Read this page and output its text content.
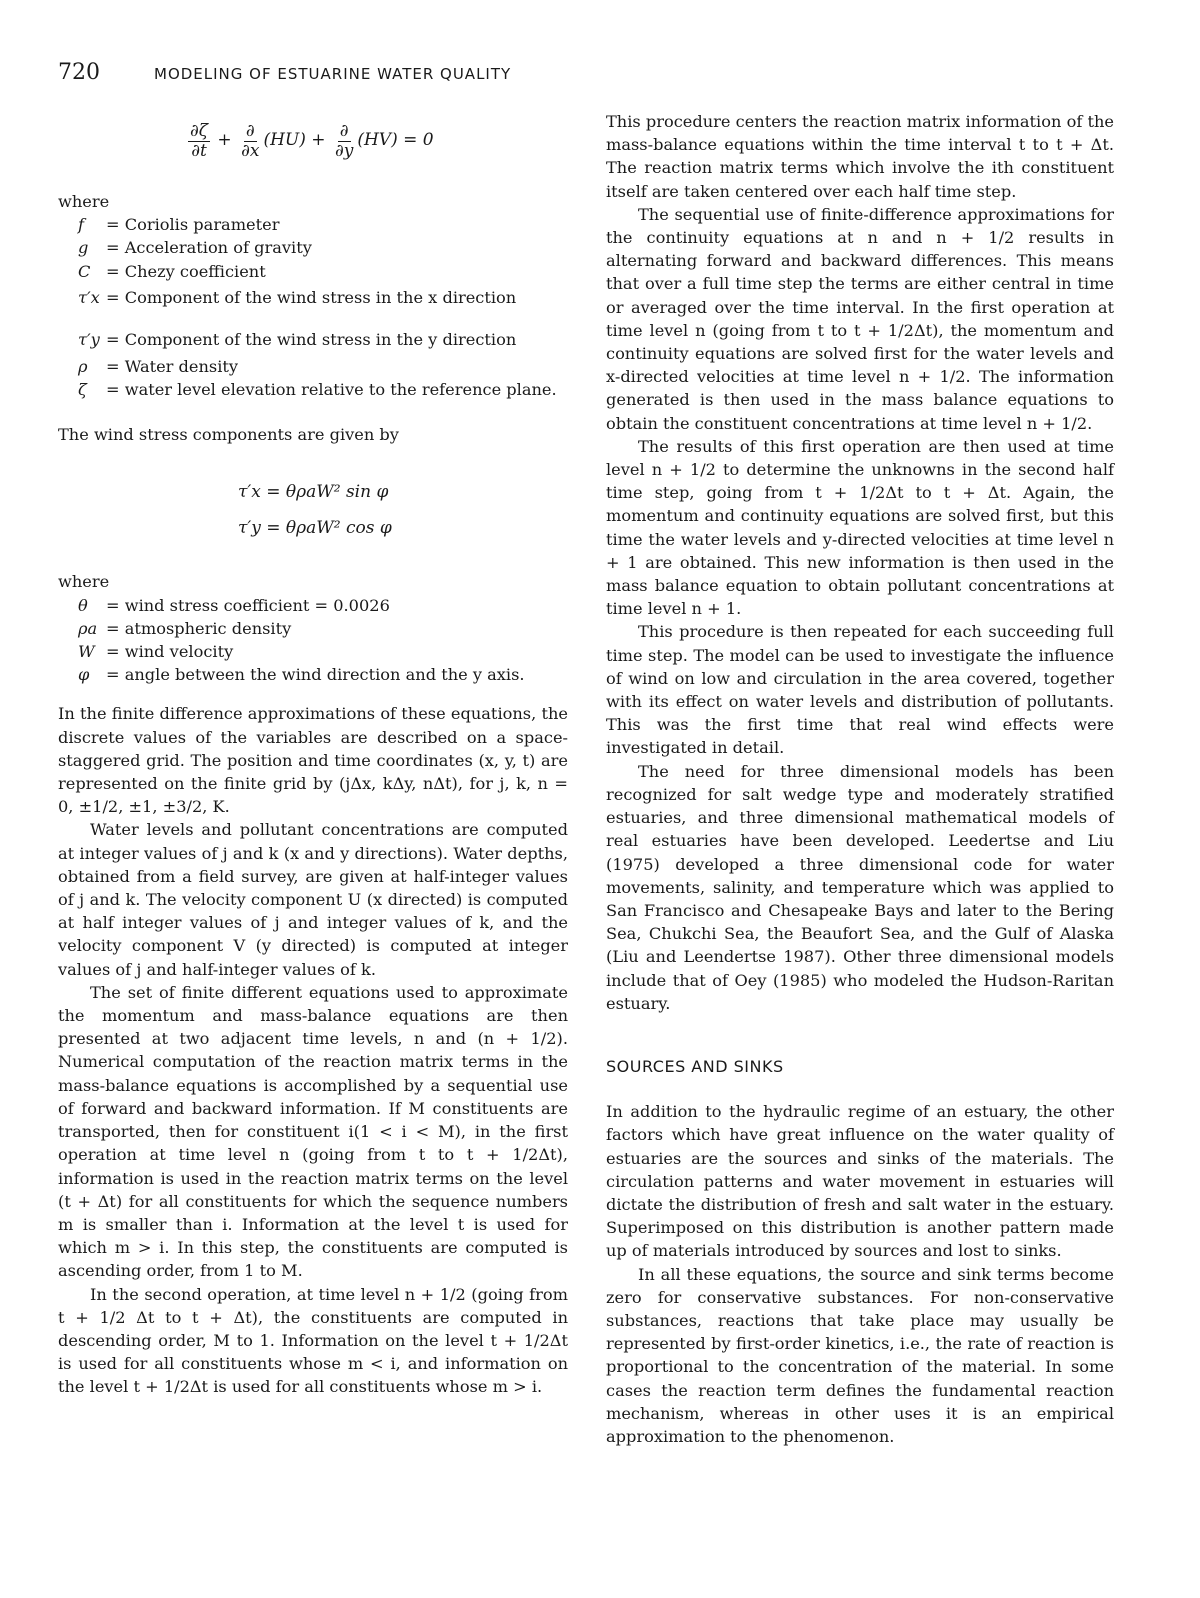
720	MODELING OF ESTUARINE WATER QUALITY
$\frac{\partial\zeta}{\partial t} + \frac{\partial}{\partial x} (HU) + \frac{\partial}{\partial y} (HV) = 0$
where
f	= Coriolis parameter
g	= Acceleration of gravity
C = Chezy coefficient
τ′x = Component of the wind stress in the x direction
τ′y = Component of the wind stress in the y direction
ρ	= Water density
ζ	= water level elevation relative to the reference plane.

The wind stress components are given by

τ′x = θρaW² sin φ
τ′y = θρaW² cos φ
where
θ	= wind stress coefficient = 0.0026
ρa = atmospheric density
W = wind velocity
φ	= angle between the wind direction and the y axis.

In the finite difference approximations of these equations, the discrete values of the variables are described on a space-staggered grid. The position and time coordinates (x, y, t) are represented on the finite grid by (jΔx, kΔy, nΔt), for j, k, n = 0, ±1/2, ±1, ±3/2, K.

Water levels and pollutant concentrations are computed at integer values of j and k (x and y directions). Water depths, obtained from a field survey, are given at half-integer values of j and k. The velocity component U (x directed) is computed at half integer values of j and integer values of k, and the velocity component V (y directed) is computed at integer values of j and half-integer values of k.

The set of finite different equations used to approximate the momentum and mass-balance equations are then presented at two adjacent time levels, n and (n + 1/2). Numerical computation of the reaction matrix terms in the mass-balance equations is accomplished by a sequential use of forward and backward information. If M constituents are transported, then for constituent i(1 < i < M), in the first operation at time level n (going from t to t + 1/2Δt), information is used in the reaction matrix terms on the level (t + Δt) for all constituents for which the sequence numbers m is smaller than i. Information at the level t is used for which m > i. In this step, the constituents are computed is ascending order, from 1 to M.

In the second operation, at time level n + 1/2 (going from t + 1/2 Δt to t + Δt), the constituents are computed in descending order, M to 1. Information on the level t + 1/2Δt is used for all constituents whose m < i, and information on the level t + 1/2Δt is used for all constituents whose m > i.

This procedure centers the reaction matrix information of the mass-balance equations within the time interval t to t + Δt. The reaction matrix terms which involve the ith constituent itself are taken centered over each half time step.

The sequential use of finite-difference approximations for the continuity equations at n and n + 1/2 results in alternating forward and backward differences. This means that over a full time step the terms are either central in time or averaged over the time interval. In the first operation at time level n (going from t to t + 1/2Δt), the momentum and continuity equations are solved first for the water levels and x-directed velocities at time level n + 1/2. The information generated is then used in the mass balance equations to obtain the constituent concentrations at time level n + 1/2.

The results of this first operation are then used at time level n + 1/2 to determine the unknowns in the second half time step, going from t + 1/2Δt to t + Δt. Again, the momentum and continuity equations are solved first, but this time the water levels and y-directed velocities at time level n + 1 are obtained. This new information is then used in the mass balance equation to obtain pollutant concentrations at time level n + 1.

This procedure is then repeated for each succeeding full time step. The model can be used to investigate the influence of wind on low and circulation in the area covered, together with its effect on water levels and distribution of pollutants. This was the first time that real wind effects were investigated in detail.

The need for three dimensional models has been recognized for salt wedge type and moderately stratified estuaries, and three dimensional mathematical models of real estuaries have been developed. Leedertse and Liu (1975) developed a three dimensional code for water movements, salinity, and temperature which was applied to San Francisco and Chesapeake Bays and later to the Bering Sea, Chukchi Sea, the Beaufort Sea, and the Gulf of Alaska (Liu and Leendertse 1987). Other three dimensional models include that of Oey (1985) who modeled the Hudson-Raritan estuary.

SOURCES AND SINKS

In addition to the hydraulic regime of an estuary, the other factors which have great influence on the water quality of estuaries are the sources and sinks of the materials. The circulation patterns and water movement in estuaries will dictate the distribution of fresh and salt water in the estuary. Superimposed on this distribution is another pattern made up of materials introduced by sources and lost to sinks.

In all these equations, the source and sink terms become zero for conservative substances. For non-conservative substances, reactions that take place may usually be represented by first-order kinetics, i.e., the rate of reaction is proportional to the concentration of the material. In some cases the reaction term defines the fundamental reaction mechanism, whereas in other uses it is an empirical approximation to the phenomenon.
